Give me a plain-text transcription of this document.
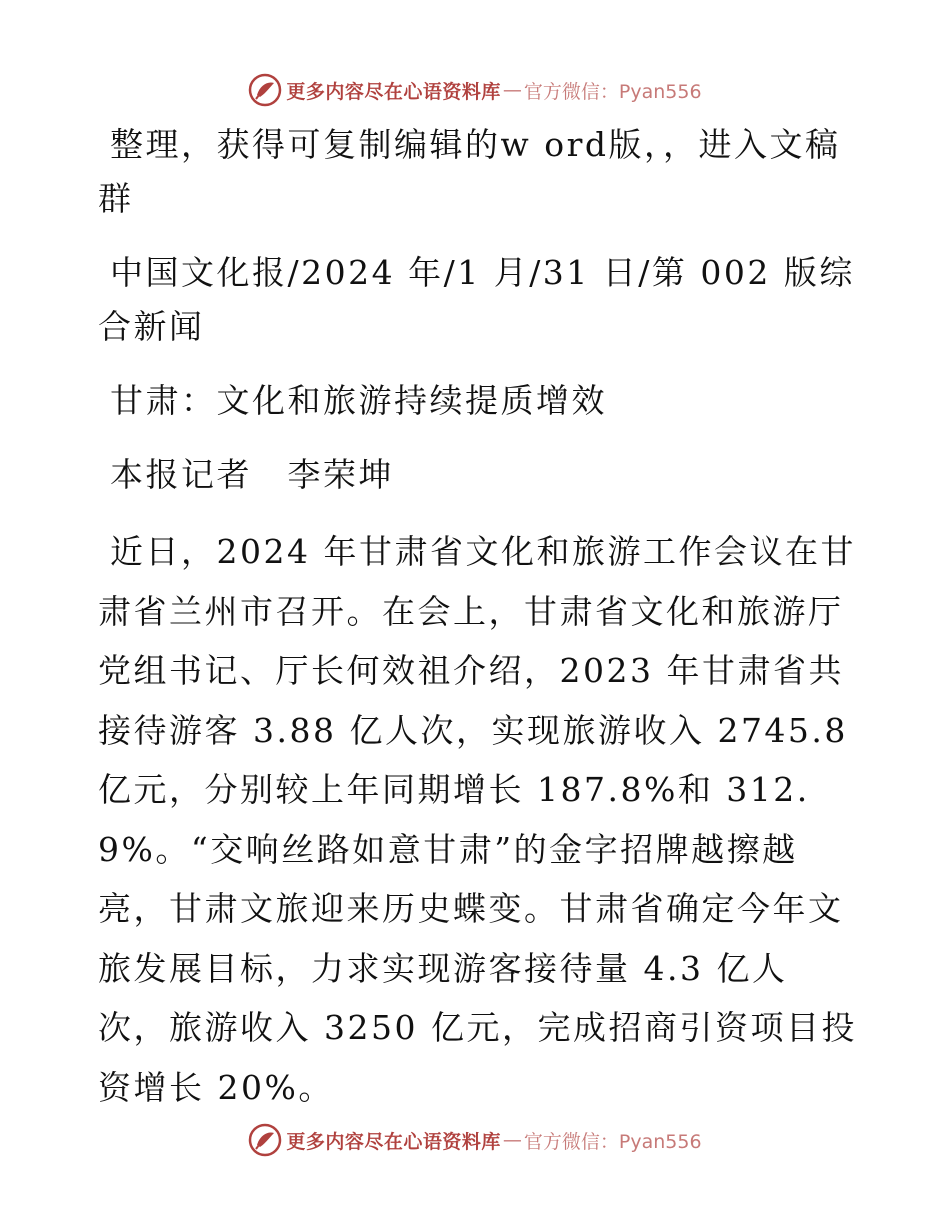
更多内容尽在心语资料库 — 官方微信：Pyan556

整理，获得可复制编辑的w ord版，，进入文稿群

中国文化报/2024 年/1 月/31 日/第 002 版综合新闻

甘肃：文化和旅游持续提质增效

本报记者　李荣坤

近日，2024 年甘肃省文化和旅游工作会议在甘肃省兰州市召开。在会上，甘肃省文化和旅游厅党组书记、厅长何效祖介绍，2023 年甘肃省共接待游客 3.88 亿人次，实现旅游收入 2745.8 亿元，分别较上年同期增长 187.8%和 312.9%。“交响丝路如意甘肃”的金字招牌越擦越亮，甘肃文旅迎来历史蝶变。甘肃省确定今年文旅发展目标，力求实现游客接待量 4.3 亿人次，旅游收入 3250 亿元，完成招商引资项目投资增长 20%。

更多内容尽在心语资料库 — 官方微信：Pyan556
